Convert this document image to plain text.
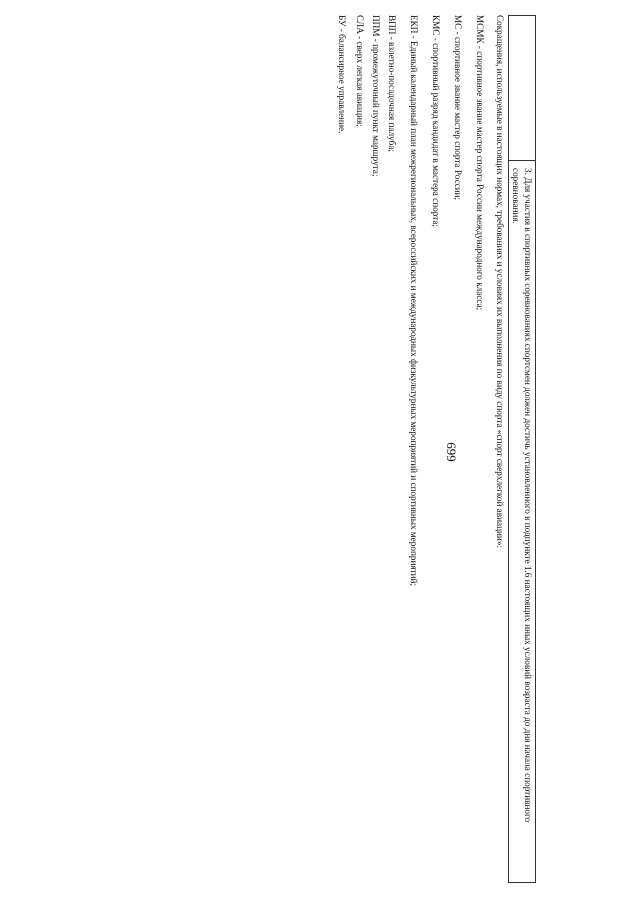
699	3. Для участия в спортивных соревнованиях спортсмен должен достичь установленного в подпункте 1.6 настоящих иных условий возраста до дня начала спортивного соревнования.
Сокращения, используемые в настоящих нормах, требованиях и условиях их выполнения по виду спорта «спорт сверхлегкой авиации»:
МСМК - спортивное звание мастер спорта России международного класса;
МС - спортивное звание мастер спорта России;
КМС - спортивный разряд кандидат в мастера спорта;
ЕКП - Единый календарный план межрегиональных, всероссийских и международных физкультурных мероприятий и спортивных мероприятий;
ВПП - взлетно-посадочная палуба;
ППМ - промежуточный пункт маршрута;
СЛА - сверх легкая авиация;
БУ - балансирное управление.
